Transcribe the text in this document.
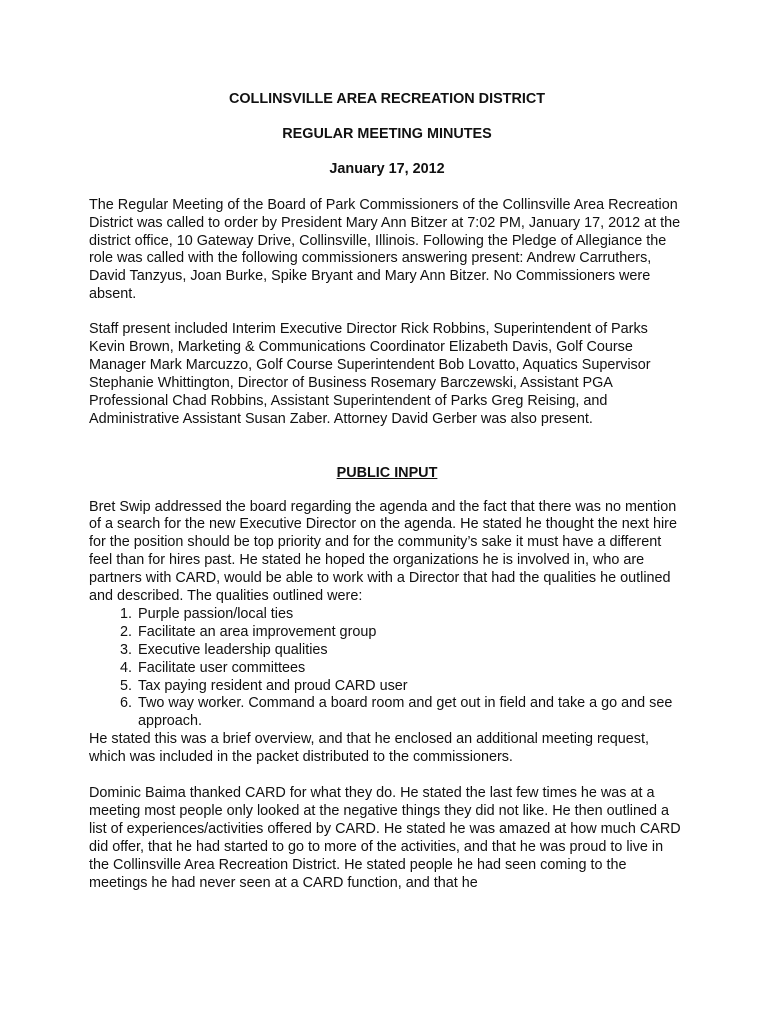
COLLINSVILLE AREA RECREATION DISTRICT
REGULAR MEETING MINUTES
January 17, 2012

The Regular Meeting of the Board of Park Commissioners of the Collinsville Area Recreation District was called to order by President Mary Ann Bitzer at 7:02 PM, January 17, 2012 at the district office, 10 Gateway Drive, Collinsville, Illinois. Following the Pledge of Allegiance the role was called with the following commissioners answering present: Andrew Carruthers, David Tanzyus, Joan Burke, Spike Bryant and Mary Ann Bitzer. No Commissioners were absent.

Staff present included Interim Executive Director Rick Robbins, Superintendent of Parks Kevin Brown, Marketing & Communications Coordinator Elizabeth Davis, Golf Course Manager Mark Marcuzzo, Golf Course Superintendent Bob Lovatto, Aquatics Supervisor Stephanie Whittington, Director of Business Rosemary Barczewski, Assistant PGA Professional Chad Robbins, Assistant Superintendent of Parks Greg Reising, and Administrative Assistant Susan Zaber. Attorney David Gerber was also present.

PUBLIC INPUT
Bret Swip addressed the board regarding the agenda and the fact that there was no mention of a search for the new Executive Director on the agenda. He stated he thought the next hire for the position should be top priority and for the community’s sake it must have a different feel than for hires past. He stated he hoped the organizations he is involved in, who are partners with CARD, would be able to work with a Director that had the qualities he outlined and described. The qualities outlined were:
1. Purple passion/local ties
2. Facilitate an area improvement group
3. Executive leadership qualities
4. Facilitate user committees
5. Tax paying resident and proud CARD user
6. Two way worker. Command a board room and get out in field and take a go and see approach.
He stated this was a brief overview, and that he enclosed an additional meeting request, which was included in the packet distributed to the commissioners.

Dominic Baima thanked CARD for what they do. He stated the last few times he was at a meeting most people only looked at the negative things they did not like. He then outlined a list of experiences/activities offered by CARD. He stated he was amazed at how much CARD did offer, that he had started to go to more of the activities, and that he was proud to live in the Collinsville Area Recreation District. He stated people he had seen coming to the meetings he had never seen at a CARD function, and that he
